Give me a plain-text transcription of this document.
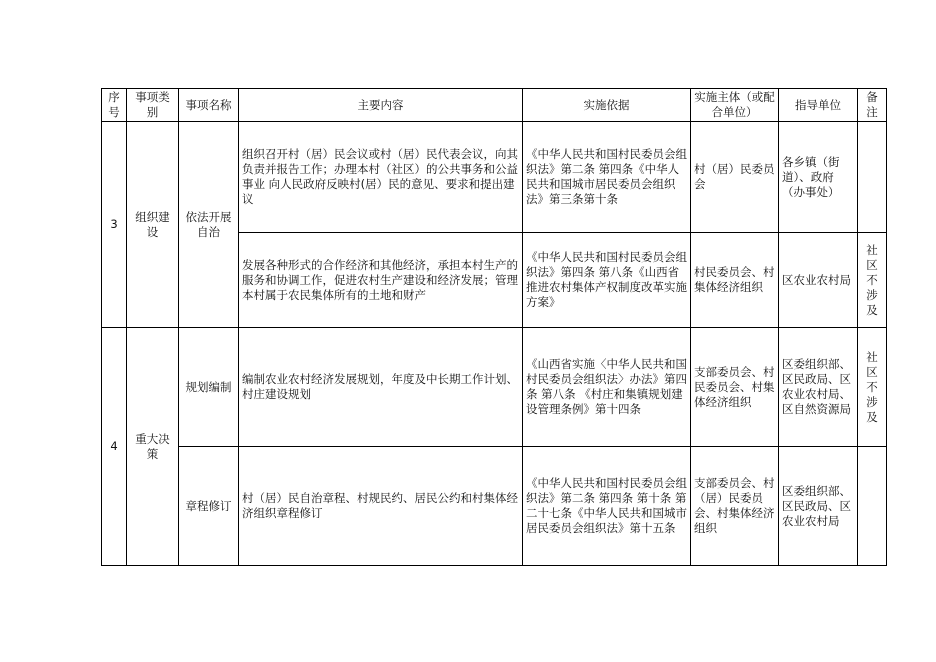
序号	事项类别	事项名称	主要内容	实施依据	实施主体（或配合单位）	指导单位	备注
3	组织建设	依法开展自治	组织召开村（居）民会议或村（居）民代表会议，向其负责并报告工作；办理本村（社区）的公共事务和公益事业 向人民政府反映村(居）民的意见、要求和提出建议	《中华人民共和国村民委员会组织法》第二条 第四条《中华人民共和国城市居民委员会组织法》第三条第十条	村（居）民委员会	各乡镇（街道）、政府（办事处）	
			发展各种形式的合作经济和其他经济，承担本村生产的服务和协调工作，促进农村生产建设和经济发展；管理本村属于农民集体所有的土地和财产	《中华人民共和国村民委员会组织法》第四条 第八条《山西省推进农村集体产权制度改革实施方案》	村民委员会、村集体经济组织	区农业农村局	社区不涉及
4	重大决策	规划编制	编制农业农村经济发展规划，年度及中长期工作计划、村庄建设规划	《山西省实施〈中华人民共和国村民委员会组织法〉办法》第四条 第八条 《村庄和集镇规划建设管理条例》第十四条	支部委员会、村民委员会、村集体经济组织	区委组织部、区民政局、区农业农村局、区自然资源局	社区不涉及
		章程修订	村（居）民自治章程、村规民约、居民公约和村集体经济组织章程修订	《中华人民共和国村民委员会组织法》第二条 第四条 第十条 第二十七条《中华人民共和国城市居民委员会组织法》第十五条	支部委员会、村（居）民委员会、村集体经济组织	区委组织部、区民政局、区农业农村局	
